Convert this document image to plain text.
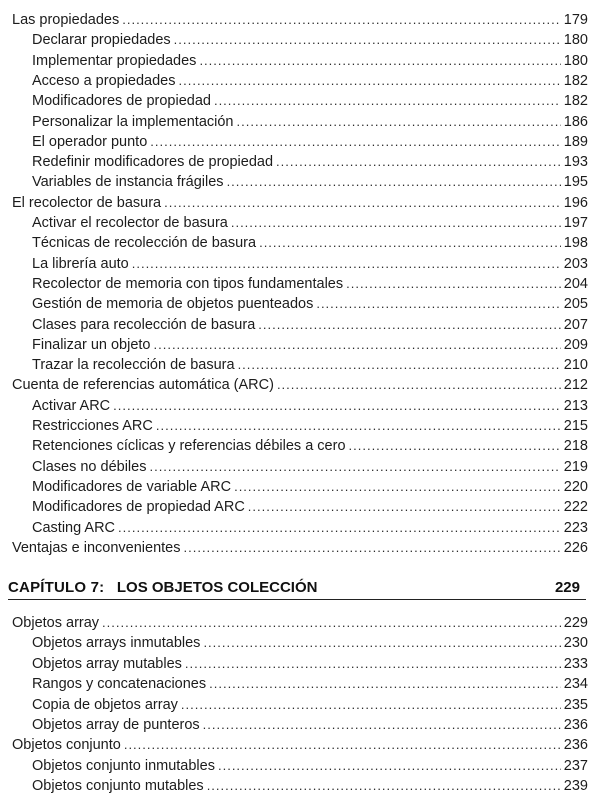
Las propiedades .....	179
Declarar propiedades .....	180
Implementar propiedades .....	180
Acceso a propiedades .....	182
Modificadores de propiedad .....	182
Personalizar la implementación .....	186
El operador punto .....	189
Redefinir modificadores de propiedad .....	193
Variables de instancia frágiles .....	195
El recolector de basura .....	196
Activar el recolector de basura .....	197
Técnicas de recolección de basura .....	198
La librería auto .....	203
Recolector de memoria con tipos fundamentales .....	204
Gestión de memoria de objetos puenteados .....	205
Clases para recolección de basura .....	207
Finalizar un objeto .....	209
Trazar la recolección de basura .....	210
Cuenta de referencias automática (ARC) .....	212
Activar ARC .....	213
Restricciones ARC .....	215
Retenciones cíclicas y referencias débiles a cero .....	218
Clases no débiles .....	219
Modificadores de variable ARC .....	220
Modificadores de propiedad ARC .....	222
Casting ARC .....	223
Ventajas e inconvenientes .....	226
CAPÍTULO 7: LOS OBJETOS COLECCIÓN	229
Objetos array .....	229
Objetos arrays inmutables .....	230
Objetos array mutables .....	233
Rangos y concatenaciones .....	234
Copia de objetos array .....	235
Objetos array de punteros .....	236
Objetos conjunto .....	236
Objetos conjunto inmutables .....	237
Objetos conjunto mutables .....	239
